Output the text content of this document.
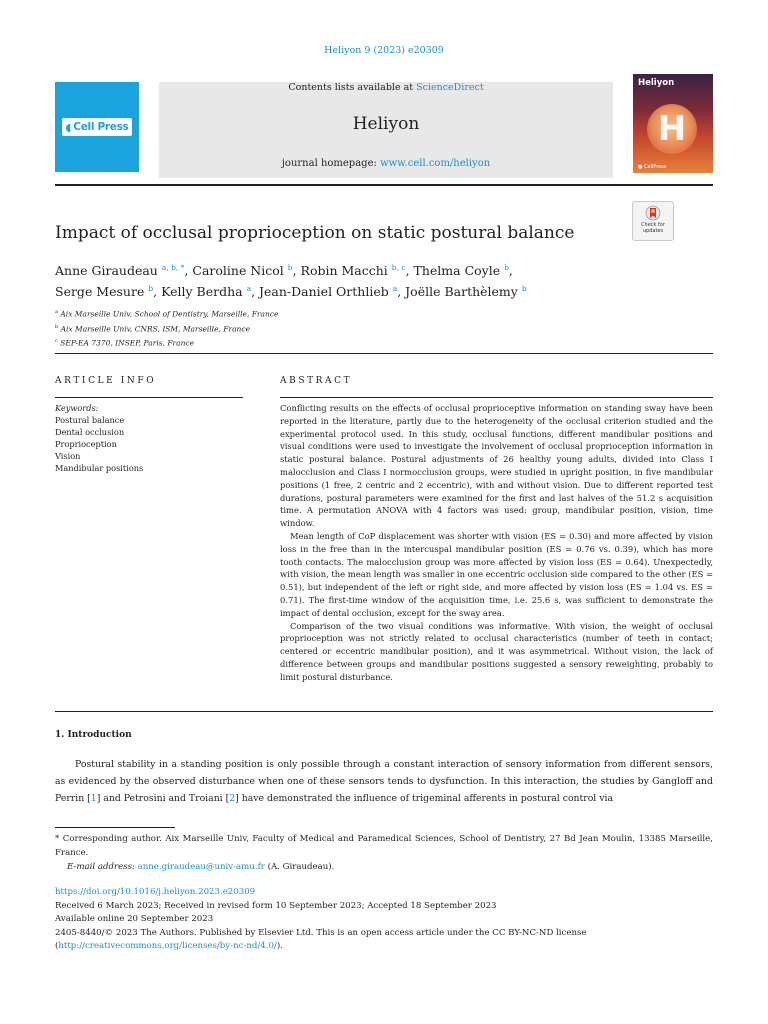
Heliyon 9 (2023) e20309
◖ Cell Press
Contents lists available at ScienceDirect
Heliyon
journal homepage: www.cell.com/heliyon
Heliyon
H
● CellPress
Check for
updates
Impact of occlusal proprioception on static postural balance
Anne Giraudeau $^{a, b, *}$, Caroline Nicol $^b$, Robin Macchi $^{b, c}$, Thelma Coyle $^b$,
Serge Mesure $^b$, Kelly Berdha $^a$, Jean-Daniel Orthlieb $^a$, Joëlle Barthèlemy $^b$
$^a$ Aix Marseille Univ, School of Dentistry, Marseille, France
$^b$ Aix Marseille Univ, CNRS, ISM, Marseille, France
$^c$ SEP-EA 7370, INSEP, Paris, France
ARTICLE INFO	ABSTRACT
Keywords:
Postural balance
Dental occlusion
Proprioception
Vision
Mandibular positions

Conflicting results on the effects of occlusal proprioceptive information on standing sway have been reported in the literature, partly due to the heterogeneity of the occlusal criterion studied and the experimental protocol used. In this study, occlusal functions, different mandibular positions and visual conditions were used to investigate the involvement of occlusal proprioception information in static postural balance. Postural adjustments of 26 healthy young adults, divided into Class I malocclusion and Class I normocclusion groups, were studied in upright position, in five mandibular positions (1 free, 2 centric and 2 eccentric), with and without vision. Due to different reported test durations, postural parameters were examined for the first and last halves of the 51.2 s acquisition time. A permutation ANOVA with 4 factors was used: group, mandibular position, vision, time window.

Mean length of CoP displacement was shorter with vision (ES = 0.30) and more affected by vision loss in the free than in the intercuspal mandibular position (ES = 0.76 vs. 0.39), which has more tooth contacts. The malocclusion group was more affected by vision loss (ES = 0.64). Unexpectedly, with vision, the mean length was smaller in one eccentric occlusion side compared to the other (ES = 0.51), but independent of the left or right side, and more affected by vision loss (ES = 1.04 vs. ES = 0.71). The first-time window of the acquisition time, i.e. 25.6 s, was sufficient to demonstrate the impact of dental occlusion, except for the sway area.

Comparison of the two visual conditions was informative. With vision, the weight of occlusal proprioception was not strictly related to occlusal characteristics (number of teeth in contact; centered or eccentric mandibular position), and it was asymmetrical. Without vision, the lack of difference between groups and mandibular positions suggested a sensory reweighting, probably to limit postural disturbance.

1. Introduction

Postural stability in a standing position is only possible through a constant interaction of sensory information from different sensors, as evidenced by the observed disturbance when one of these sensors tends to dysfunction. In this interaction, the studies by Gangloff and Perrin [1] and Petrosini and Troiani [2] have demonstrated the influence of trigeminal afferents in postural control via

* Corresponding author. Aix Marseille Univ, Faculty of Medical and Paramedical Sciences, School of Dentistry, 27 Bd Jean Moulin, 13385 Marseille, France.

E-mail address: anne.giraudeau@univ-amu.fr (A. Giraudeau).

https://doi.org/10.1016/j.heliyon.2023.e20309

Received 6 March 2023; Received in revised form 10 September 2023; Accepted 18 September 2023

Available online 20 September 2023

2405-8440/© 2023 The Authors. Published by Elsevier Ltd. This is an open access article under the CC BY-NC-ND license
(http://creativecommons.org/licenses/by-nc-nd/4.0/).
